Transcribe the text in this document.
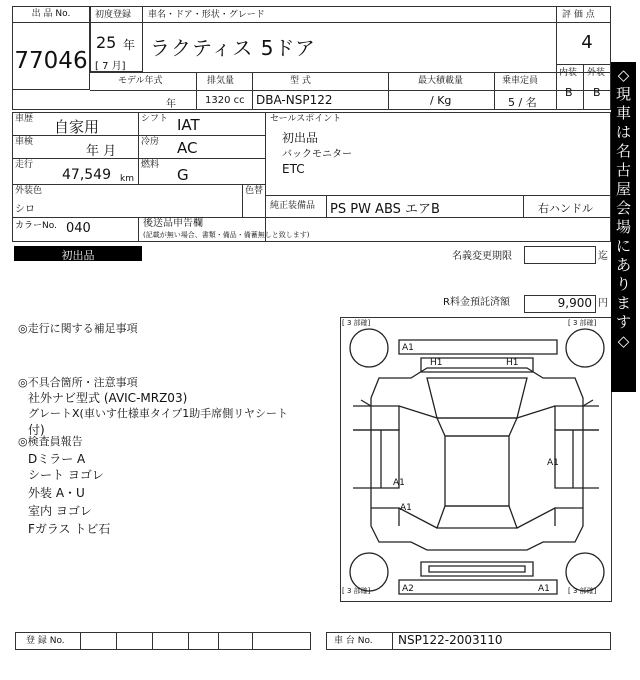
出 品 No.
77046
初度登録
25 年
[ 7 月]
車名・ドア・形状・グレード
ラクティス 5ドア
モデル年式	排気量	型 式	最大積載量	乗車定員
年	1320 cc DBA-NSP122	/ Kg	5 / 名
評 価 点
4
内装 外装
B B
車歴 自家用
車検
年 月
走行
47,549 km
シフト IAT
冷房 AC
燃料
G
外装色
シロ
色替
カラーNo. 040	後送品申告欄
(記載が無い場合、書類・備品・備蓄無しと致します)
セールスポイント
初出品
バックモニター
ETC
純正装備品 PS PW ABS エアB	右ハンドル
初出品	名義変更期限	迄
R料金預託済額	9,900 円
◎走行に関する補足事項
◎不具合箇所・注意事項
社外ナビ型式 (AVIC-MRZ03)
グレートX(車いす仕様車タイプ1助手席側リヤシート
付)
◎検査員報告
Dミラー A
シート ヨゴレ
外装 A・U
室内 ヨゴレ
Fガラス トビ石
[ 3 部確]	[ 3 部確]
[ 3 部確]	[ 3 部確]
A1
H1	H1
A1
A1
A1
A2	A1
登 録 No.	車 台 No. NSP122-2003110
◇
現
車
は
名
古
屋
会
場
に
あ
り
ま
す
◇
